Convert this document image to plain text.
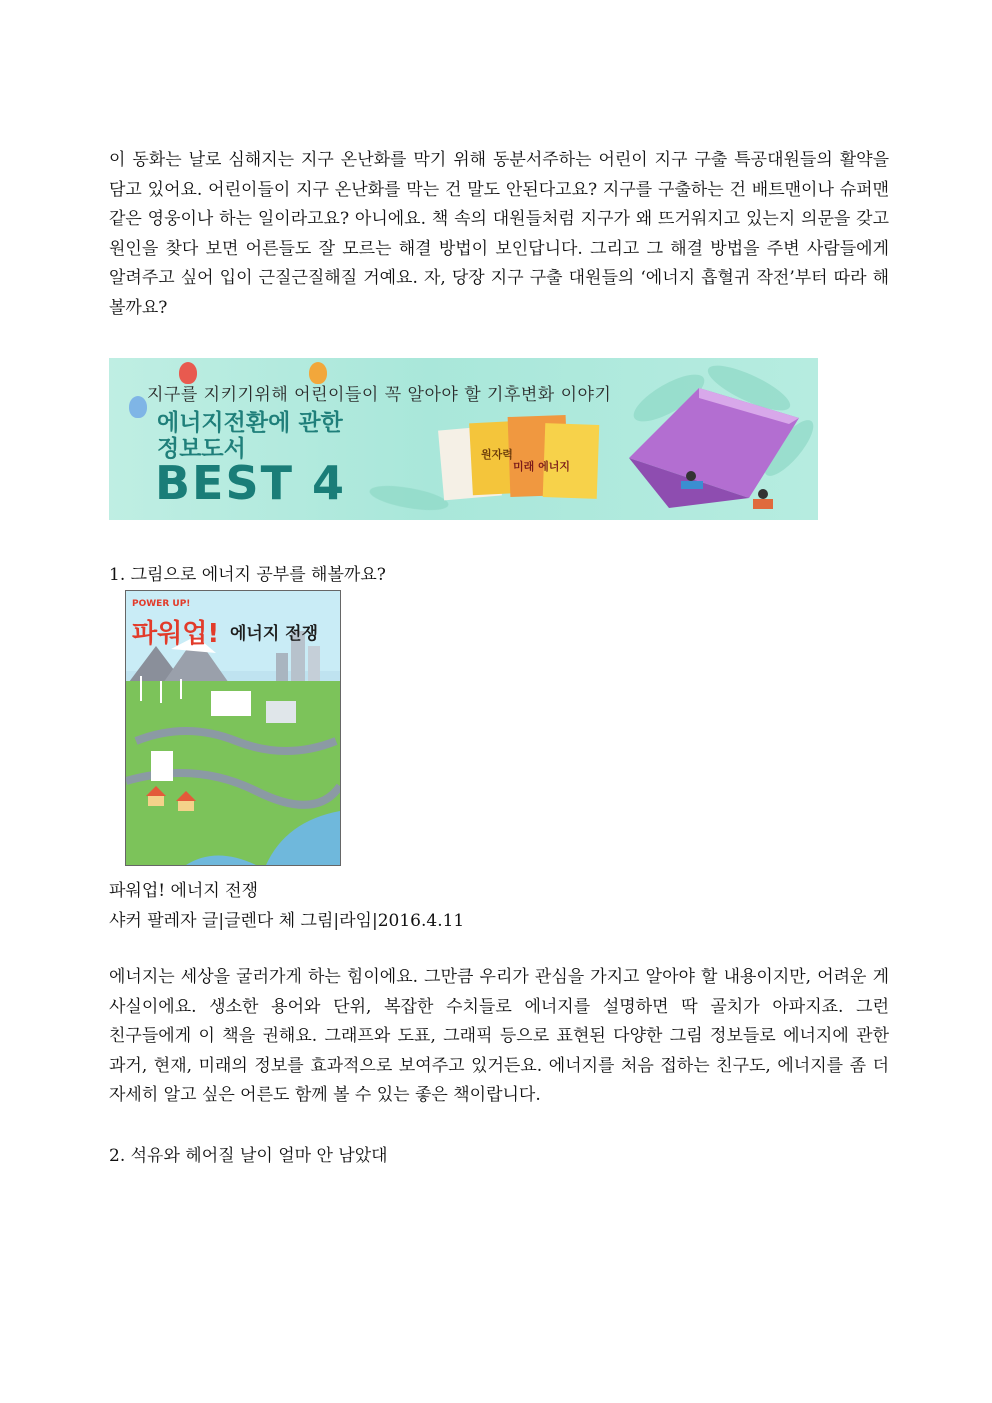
이 동화는 날로 심해지는 지구 온난화를 막기 위해 동분서주하는 어린이 지구 구출 특공대원들의 활약을 담고 있어요. 어린이들이 지구 온난화를 막는 건 말도 안된다고요? 지구를 구출하는 건 배트맨이나 슈퍼맨 같은 영웅이나 하는 일이라고요? 아니에요. 책 속의 대원들처럼 지구가 왜 뜨거워지고 있는지 의문을 갖고 원인을 찾다 보면 어른들도 잘 모르는 해결 방법이 보인답니다. 그리고 그 해결 방법을 주변 사람들에게 알려주고 싶어 입이 근질근질해질 거예요. 자, 당장 지구 구출 대원들의 ‘에너지 흡혈귀 작전’부터 따라 해 볼까요?

지구를 지키기위해 어린이들이 꼭 알아야 할 기후변화 이야기
에너지전환에 관한
정보도서
BEST 4
원자력
미래 에너지

1. 그림으로 에너지 공부를 해볼까요?

POWER UP!
파워업! 에너지 전쟁

파워업! 에너지 전쟁

샤커 팔레자 글|글렌다 체 그림|라임|2016.4.11

에너지는 세상을 굴러가게 하는 힘이에요. 그만큼 우리가 관심을 가지고 알아야 할 내용이지만, 어려운 게 사실이에요. 생소한 용어와 단위, 복잡한 수치들로 에너지를 설명하면 딱 골치가 아파지죠. 그런 친구들에게 이 책을 권해요. 그래프와 도표, 그래픽 등으로 표현된 다양한 그림 정보들로 에너지에 관한 과거, 현재, 미래의 정보를 효과적으로 보여주고 있거든요. 에너지를 처음 접하는 친구도, 에너지를 좀 더 자세히 알고 싶은 어른도 함께 볼 수 있는 좋은 책이랍니다.

2. 석유와 헤어질 날이 얼마 안 남았대
